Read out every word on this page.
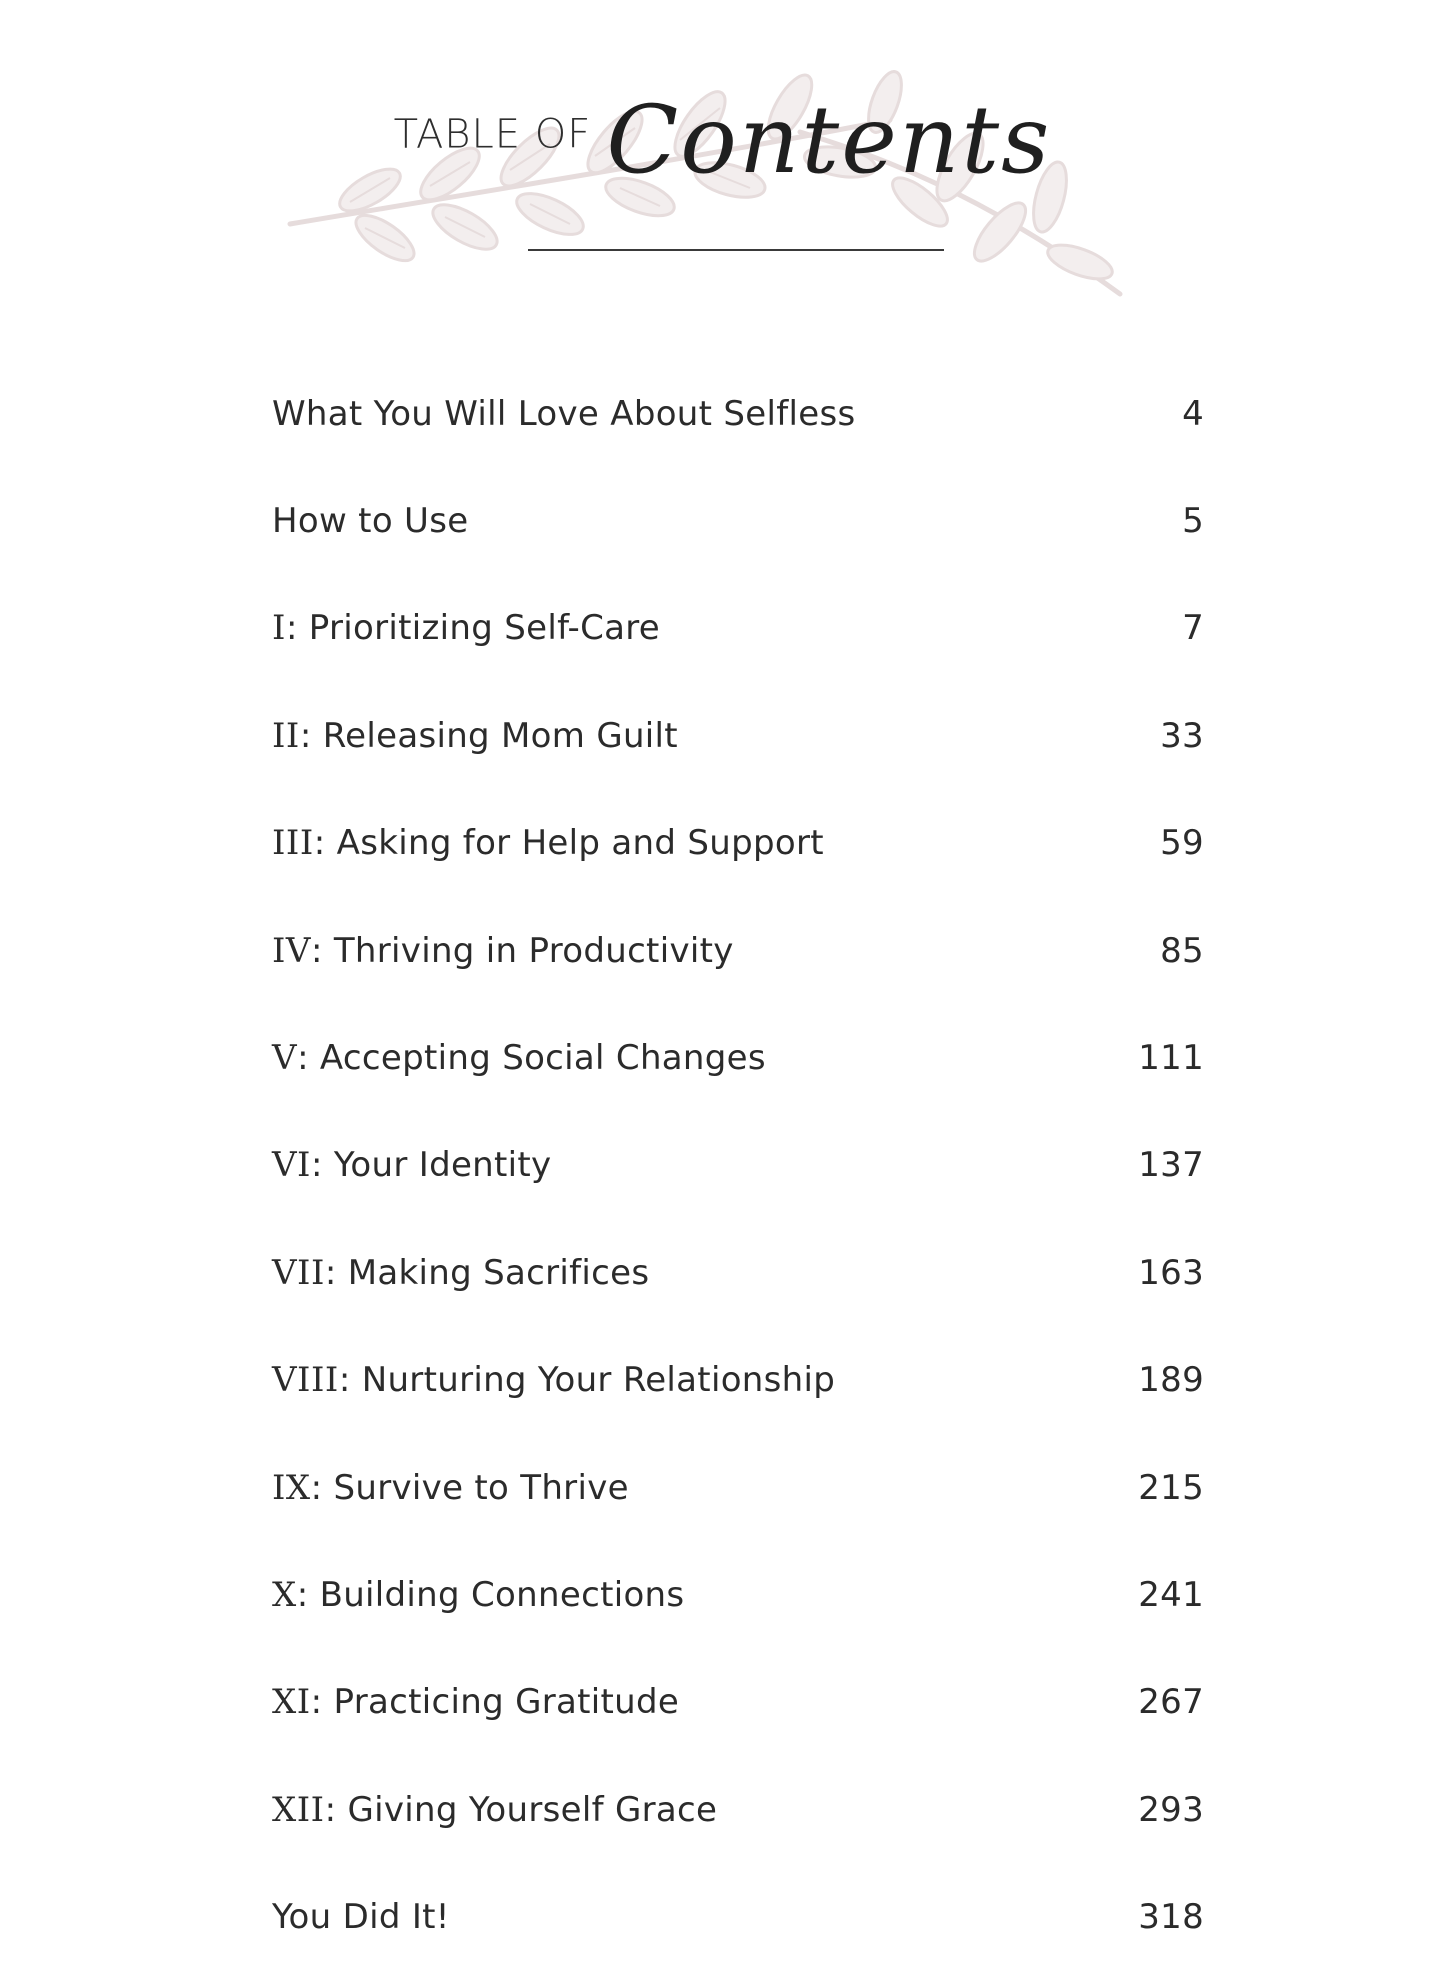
TABLE OF Contents
What You Will Love About Selfless	4
How to Use	5
I: Prioritizing Self-Care	7
II: Releasing Mom Guilt	33
III: Asking for Help and Support	59
IV: Thriving in Productivity	85
V: Accepting Social Changes	111
VI: Your Identity	137
VII: Making Sacrifices	163
VIII: Nurturing Your Relationship	189
IX: Survive to Thrive	215
X: Building Connections	241
XI: Practicing Gratitude	267
XII: Giving Yourself Grace	293
You Did It!	318
